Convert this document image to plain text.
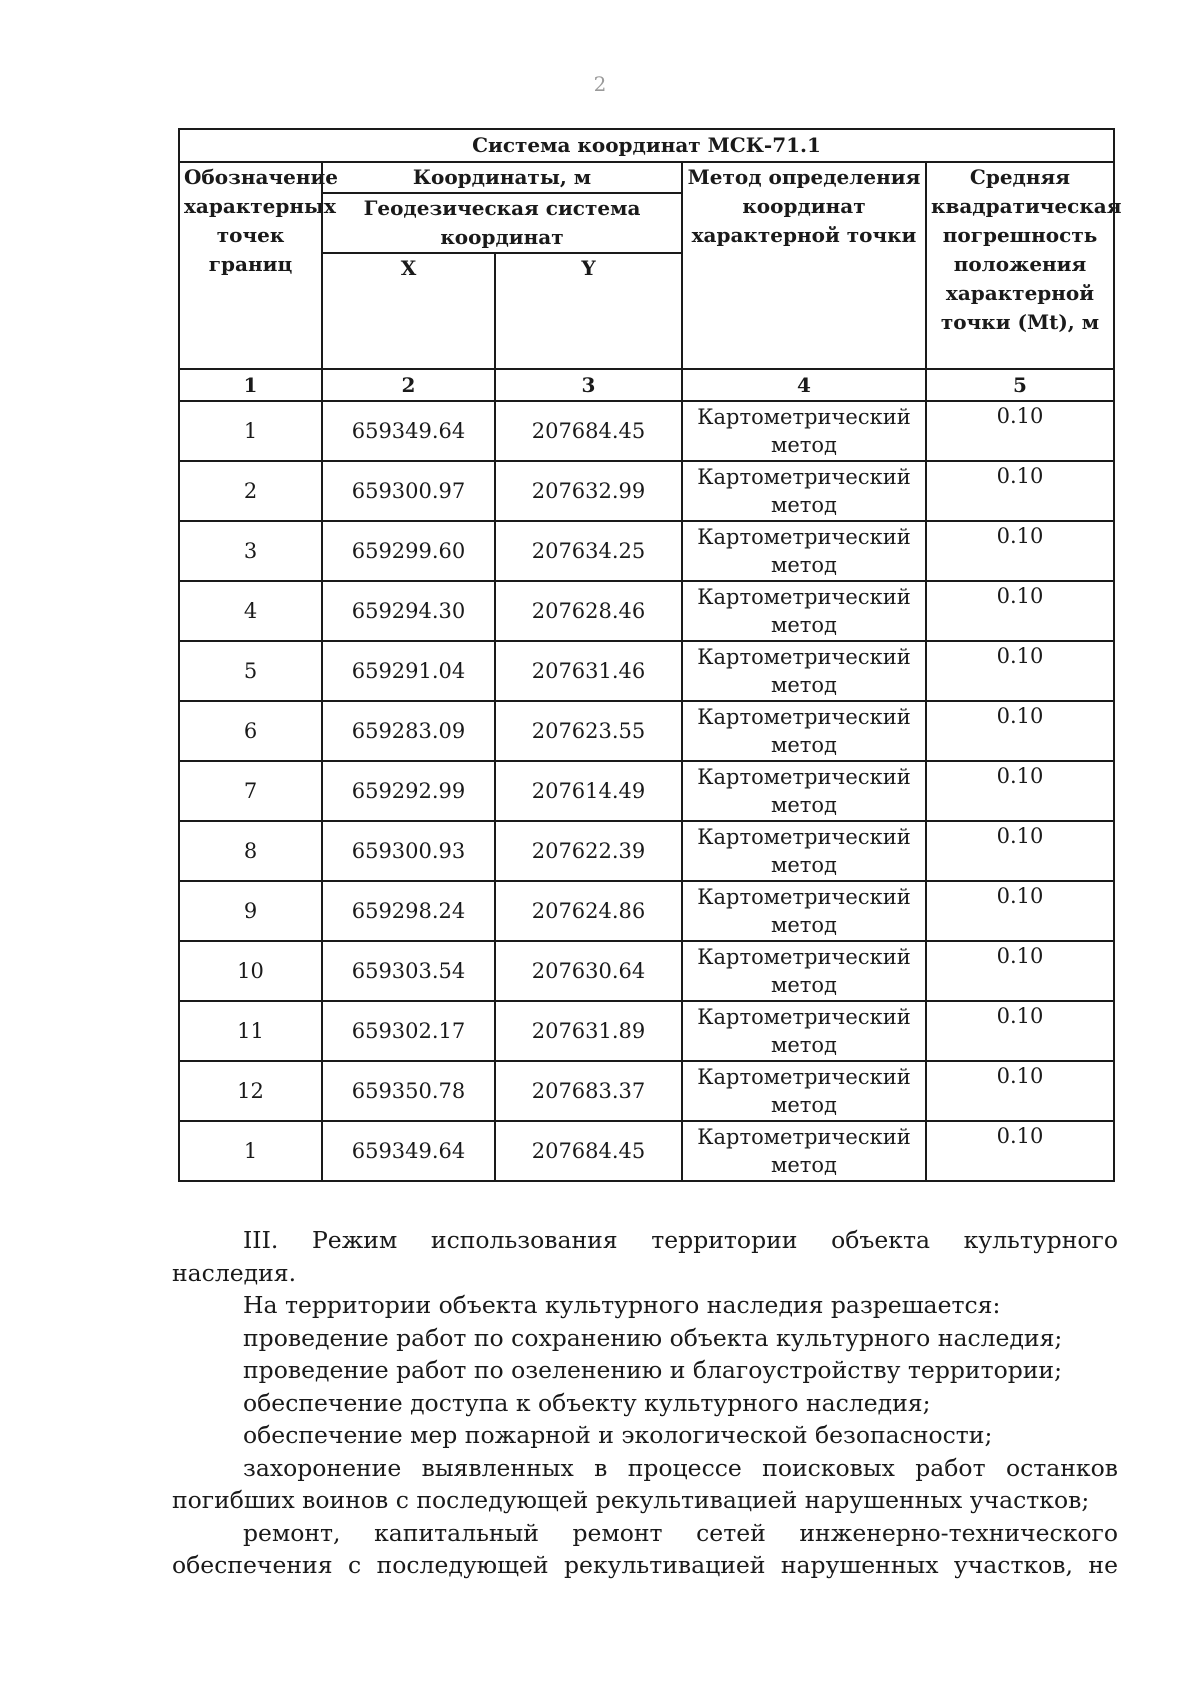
2
Система координат МСК-71.1				
Обозначение характерных точек границ	Координаты, м		Метод определения координат характерной точки	Средняя квадратическая погрешность положения характерной точки (Mt), м
	Геодезическая система координат			
	X	Y		
1	2	3	4	5
1	659349.64	207684.45	Картометрический метод	0.10
2	659300.97	207632.99	Картометрический метод	0.10
3	659299.60	207634.25	Картометрический метод	0.10
4	659294.30	207628.46	Картометрический метод	0.10
5	659291.04	207631.46	Картометрический метод	0.10
6	659283.09	207623.55	Картометрический метод	0.10
7	659292.99	207614.49	Картометрический метод	0.10
8	659300.93	207622.39	Картометрический метод	0.10
9	659298.24	207624.86	Картометрический метод	0.10
10	659303.54	207630.64	Картометрический метод	0.10
11	659302.17	207631.89	Картометрический метод	0.10
12	659350.78	207683.37	Картометрический метод	0.10
1	659349.64	207684.45	Картометрический метод	0.10

III. Режим использования территории объекта культурного наследия.

На территории объекта культурного наследия разрешается:

проведение работ по сохранению объекта культурного наследия;

проведение работ по озеленению и благоустройству территории;

обеспечение доступа к объекту культурного наследия;

обеспечение мер пожарной и экологической безопасности;

захоронение выявленных в процессе поисковых работ останков погибших воинов с последующей рекультивацией нарушенных участков;

ремонт, капитальный ремонт сетей инженерно-технического обеспечения с последующей рекультивацией нарушенных участков, не
